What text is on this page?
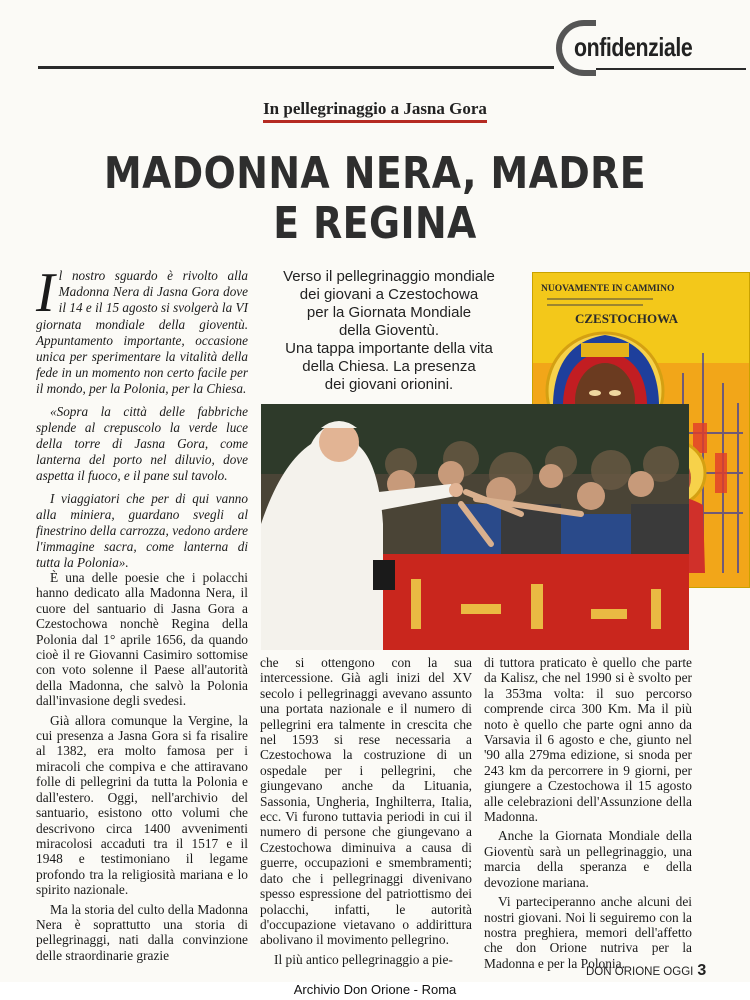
onfidenziale
In pellegrinaggio a Jasna Gora
MADONNA NERA, MADRE
E REGINA

Il nostro sguardo è rivolto alla Madonna Nera di Jasna Gora dove il 14 e il 15 agosto si svolgerà la VI giornata mondiale della gioventù. Appuntamento importante, occasione unica per sperimentare la vitalità della fede in un momento non certo facile per il mondo, per la Polonia, per la Chiesa.

«Sopra la città delle fabbriche splende al crepuscolo la verde luce della torre di Jasna Gora, come lanterna del porto nel diluvio, dove aspetta il fuoco, e il pane sul tavolo.

I viaggiatori che per di qui vanno alla miniera, guardano svegli al finestrino della carrozza, vedono ardere l'immagine sacra, come lanterna di tutta la Polonia».

Verso il pellegrinaggio mondiale
dei giovani a Czestochowa
per la Giornata Mondiale
della Gioventù.
Una tappa importante della vita
della Chiesa. La presenza
dei giovani orionini.
NUOVAMENTE IN CAMMINO
CZESTOCHOWA

È una delle poesie che i polacchi hanno dedicato alla Madonna Nera, il cuore del santuario di Jasna Gora a Czestochowa nonchè Regina della Polonia dal 1° aprile 1656, da quando cioè il re Giovanni Casimiro sottomise con voto solenne il Paese all'autorità della Madonna, che salvò la Polonia dall'invasione degli svedesi.

Già allora comunque la Vergine, la cui presenza a Jasna Gora si fa risalire al 1382, era molto famosa per i miracoli che compiva e che attiravano folle di pellegrini da tutta la Polonia e dall'estero. Oggi, nell'archivio del santuario, esistono otto volumi che descrivono circa 1400 avvenimenti miracolosi accaduti tra il 1517 e il 1948 e testimoniano il legame profondo tra la religiosità mariana e lo spirito nazionale.

Ma la storia del culto della Madonna Nera è soprattutto una storia di pellegrinaggi, nati dalla convinzione delle straordinarie grazie

che si ottengono con la sua intercessione. Già agli inizi del XV secolo i pellegrinaggi avevano assunto una portata nazionale e il numero di pellegrini era talmente in crescita che nel 1593 si rese necessaria a Czestochowa la costruzione di un ospedale per i pellegrini, che giungevano anche da Lituania, Sassonia, Ungheria, Inghilterra, Italia, ecc. Vi furono tuttavia periodi in cui il numero di persone che giungevano a Czestochowa diminuiva a causa di guerre, occupazioni e smembramenti; dato che i pellegrinaggi divenivano spesso espressione del patriottismo dei polacchi, infatti, le autorità d'occupazione vietavano o addirittura abolivano il movimento pellegrino.

Il più antico pellegrinaggio a pie-

di tuttora praticato è quello che parte da Kalisz, che nel 1990 si è svolto per la 353ma volta: il suo percorso comprende circa 300 Km. Ma il più noto è quello che parte ogni anno da Varsavia il 6 agosto e che, giunto nel '90 alla 279ma edizione, si snoda per 243 km da percorrere in 9 giorni, per giungere a Czestochowa il 15 agosto alle celebrazioni dell'Assunzione della Madonna.

Anche la Giornata Mondiale della Gioventù sarà un pellegrinaggio, una marcia della speranza e della devozione mariana.

Vi parteciperanno anche alcuni dei nostri giovani. Noi li seguiremo con la nostra preghiera, memori dell'affetto che don Orione nutriva per la Madonna e per la Polonia.

DON ORIONE OGGI 3
Archivio Don Orione - Roma
